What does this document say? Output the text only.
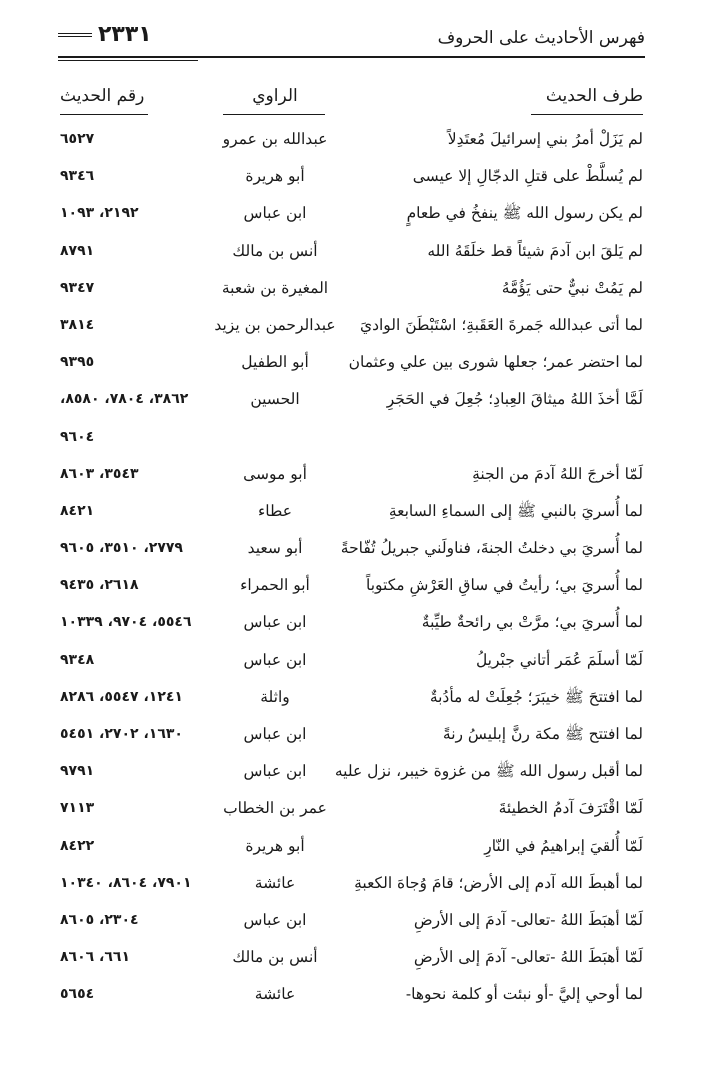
فهرس الأحاديث على الحروف
٢٣٣١
طرف الحديث
الراوي
رقم الحديث
لم يَزَلْ أمرُ بني إسرائيلَ مُعتَدِلاً
عبدالله بن عمرو
٦٥٢٧
لم يُسلَّطْ على قتلِ الدجّالِ إلا عيسى
أبو هريرة
٩٣٤٦
لم يكن رسول الله ﷺ ينفخُ في طعامٍ
ابن عباس
٢١٩٢، ١٠٩٣
لم يَلقَ ابن آدمَ شيئاً قط خلَقَهُ الله
أنس بن مالك
٨٧٩١
لم يَمُتْ نبيٌّ حتى يَؤُمَّهُ
المغيرة بن شعبة
٩٣٤٧
لما أتى عبدالله جَمرةَ العَقَبةِ؛ اسْتَبْطَنَ الواديَ
عبدالرحمن بن يزيد
٣٨١٤
لما احتضر عمر؛ جعلها شورى بين علي وعثمان
أبو الطفيل
٩٣٩٥
لَمَّا أخذَ اللهُ ميثاقَ العِبادِ؛ جُعِلَ في الحَجَرِ
الحسين
٣٨٦٢، ٧٨٠٤، ٨٥٨٠،
٩٦٠٤
لَمّا أخرجَ اللهُ آدمَ من الجنةِ
أبو موسى
٣٥٤٣، ٨٦٠٣
لما أُسريَ بالنبي ﷺ إلى السماءِ السابعةِ
عطاء
٨٤٢١
لما أُسريَ بي دخلتُ الجنةَ، فناولَني جبريلُ تُفّاحةً
أبو سعيد
٢٧٧٩، ٣٥١٠، ٩٦٠٥
لما أُسريَ بي؛ رأيتُ في ساقِ العَرْشِ مكتوباً
أبو الحمراء
٢٦١٨، ٩٤٣٥
لما أُسريَ بي؛ مرَّتْ بي رائحةٌ طيِّبةٌ
ابن عباس
٥٥٤٦، ٩٧٠٤، ١٠٣٣٩
لَمّا أسلَمَ عُمَر أتاني جبْريلُ
ابن عباس
٩٣٤٨
لما افتتحَ ﷺ خيبَرَ؛ جُعِلَتْ له مأدُبةٌ
واثلة
١٢٤١، ٥٥٤٧، ٨٢٨٦
لما افتتح ﷺ مكة رنَّ إبليسُ رنةً
ابن عباس
١٦٣٠، ٢٧٠٢، ٥٤٥١
لما أقبل رسول الله ﷺ من غزوة خيبر، نزل عليه
ابن عباس
٩٧٩١
لَمّا اقْتَرَفَ آدمُ الخطيئةَ
عمر بن الخطاب
٧١١٣
لَمّا أُلقيَ إبراهيمُ في النّارِ
أبو هريرة
٨٤٢٢
لما أهبطَ الله آدم إلى الأرض؛ قامَ وُجاهَ الكعبةِ
عائشة
٧٩٠١، ٨٦٠٤، ١٠٣٤٠
لَمّا أهبَطَ اللهُ -تعالى- آدمَ إلى الأرضِ
ابن عباس
٢٣٠٤، ٨٦٠٥
لَمّا أهبَطَ اللهُ -تعالى- آدمَ إلى الأرضِ
أنس بن مالك
٦٦١، ٨٦٠٦
لما أوحي إليَّ -أو نبئت أو كلمة نحوها-
عائشة
٥٦٥٤
